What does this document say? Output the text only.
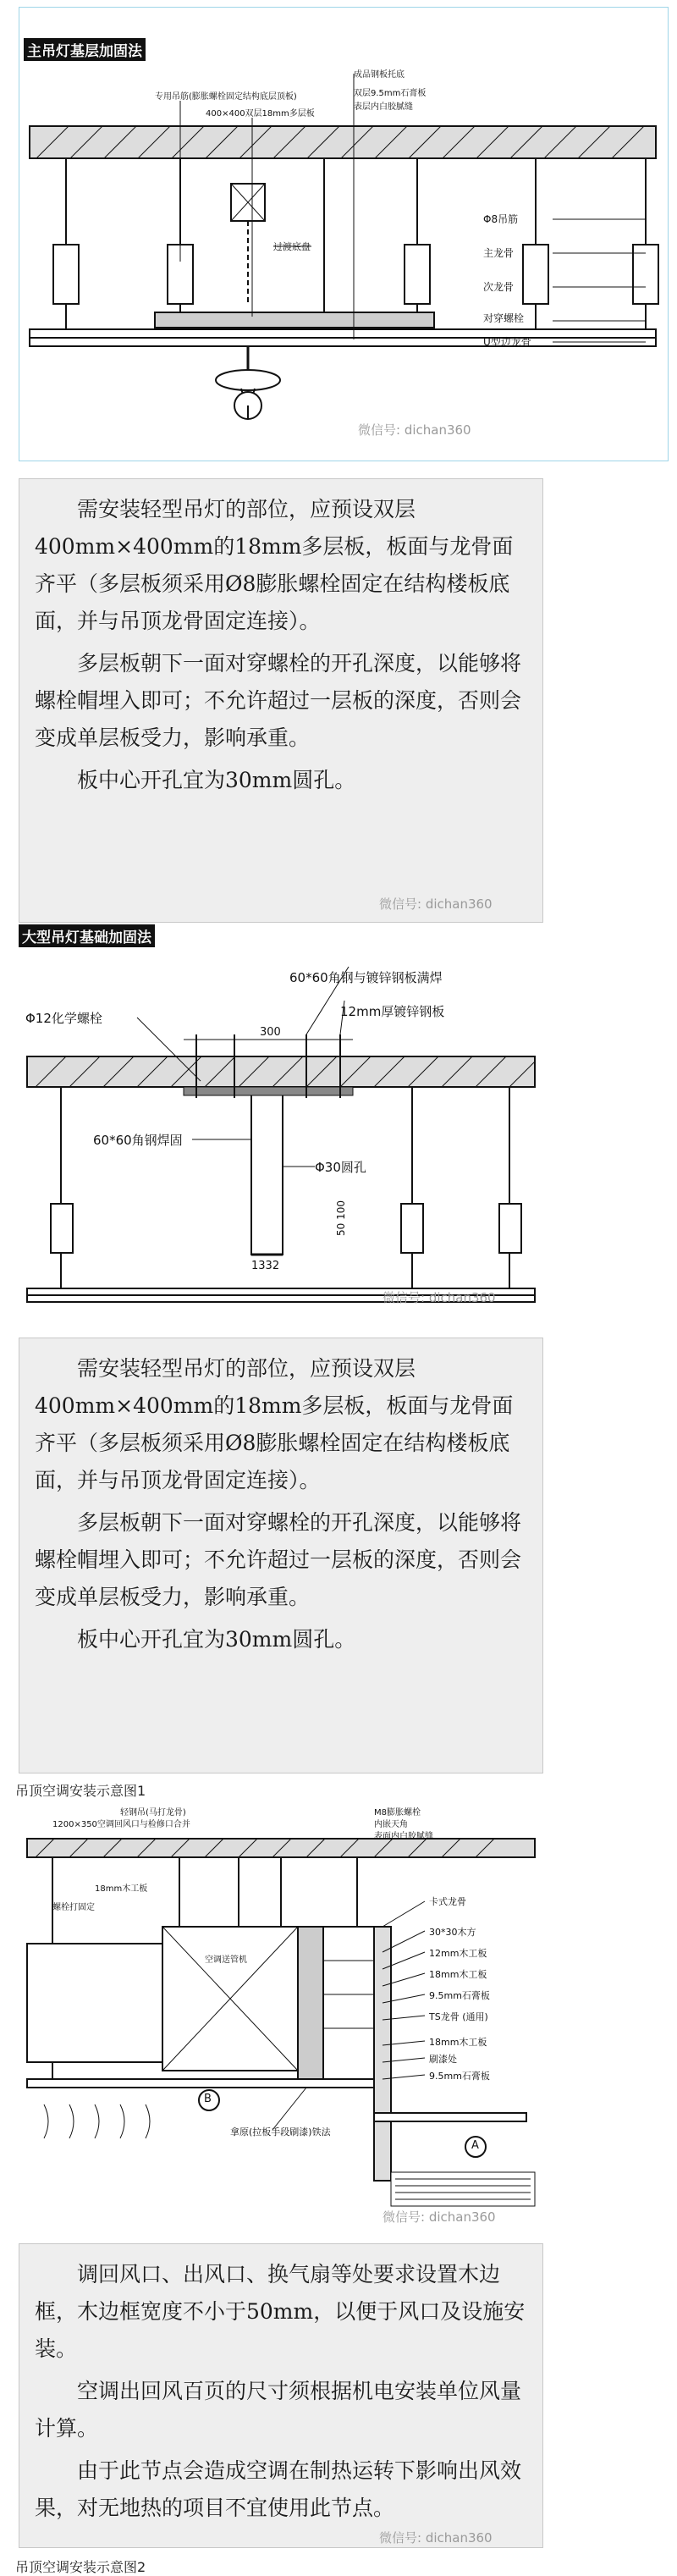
主吊灯基层加固法
专用吊筋(膨胀螺栓固定结构底层顶板)
400×400双层18mm多层板
成品钢板托底
双层9.5mm石膏板
表层内白胶腻缝
Φ8吊筋
主龙骨
次龙骨
对穿螺栓
U型边龙骨
过渡底盘
微信号: dichan360

需安装轻型吊灯的部位，应预设双层400mm×400mm的18mm多层板，板面与龙骨面齐平（多层板须采用Ø8膨胀螺栓固定在结构楼板底面，并与吊顶龙骨固定连接）。

多层板朝下一面对穿螺栓的开孔深度，以能够将螺栓帽埋入即可；不允许超过一层板的深度，否则会变成单层板受力，影响承重。

板中心开孔宜为30mm圆孔。

微信号: dichan360
大型吊灯基础加固法
60*60角钢与镀锌钢板满焊
12mm厚镀锌钢板
Φ12化学螺栓
300
60*60角钢焊固
Φ30圆孔
50 100
1332
微信号: dichan360

需安装轻型吊灯的部位，应预设双层400mm×400mm的18mm多层板，板面与龙骨面齐平（多层板须采用Ø8膨胀螺栓固定在结构楼板底面，并与吊顶龙骨固定连接）。

多层板朝下一面对穿螺栓的开孔深度，以能够将螺栓帽埋入即可；不允许超过一层板的深度，否则会变成单层板受力，影响承重。

板中心开孔宜为30mm圆孔。

吊顶空调安装示意图1
轻钢吊(马打龙骨)
1200×350空调回风口与检修口合并
M8膨胀螺栓
内嵌天角
表面内白胶腻缝
18mm木工板
螺栓打固定
空调送管机
卡式龙骨
30*30木方
12mm木工板
18mm木工板
9.5mm石膏板
TS龙骨 (通用)
18mm木工板
刷漆处
9.5mm石膏板
拿原(拉板手段刷漆)铁法
B
A
微信号: dichan360

调回风口、出风口、换气扇等处要求设置木边框，木边框宽度不小于50mm，以便于风口及设施安装。

空调出回风百页的尺寸须根据机电安装单位风量计算。

由于此节点会造成空调在制热运转下影响出风效果，对无地热的项目不宜使用此节点。

微信号: dichan360
吊顶空调安装示意图2
